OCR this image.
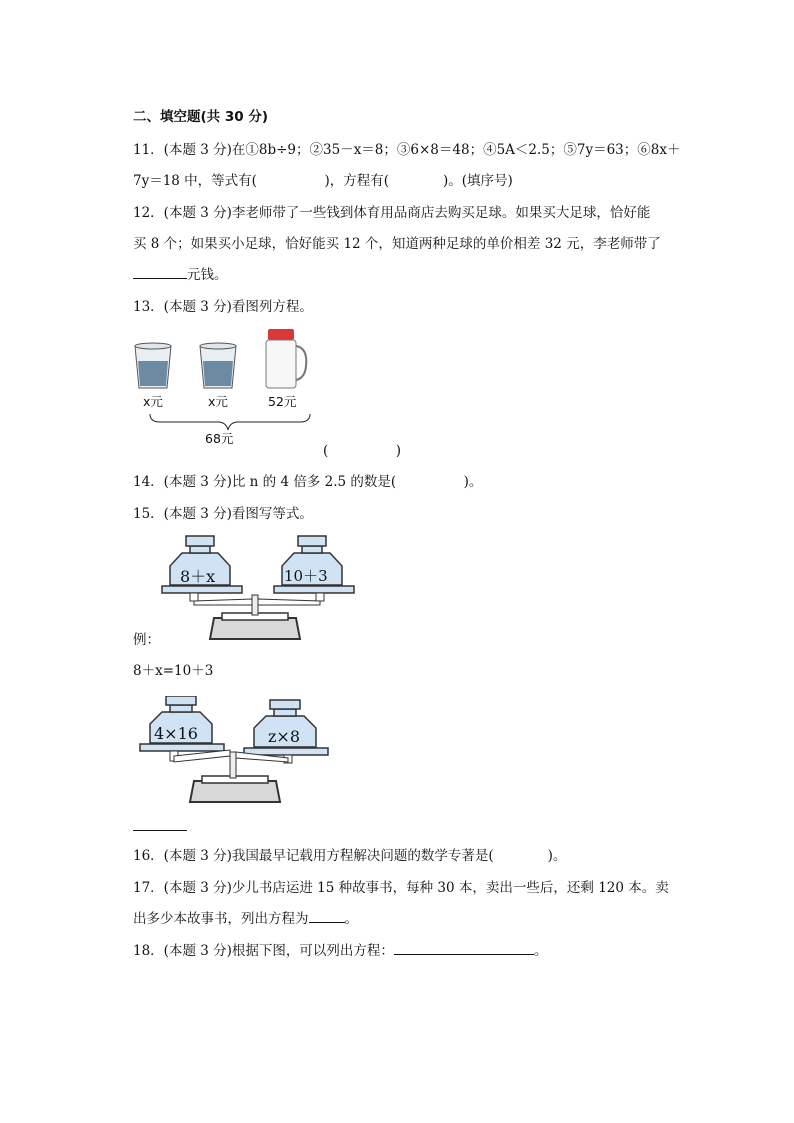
二、填空题(共 30 分)
11．(本题 3 分)在①8b÷9；②35－x＝8；③6×8＝48；④5A＜2.5；⑤7y＝63；⑥8x＋
7y＝18 中，等式有(　　　　　)，方程有(　　　　)。(填序号)
12．(本题 3 分)李老师带了一些钱到体育用品商店去购买足球。如果买大足球，恰好能
买 8 个；如果买小足球，恰好能买 12 个，知道两种足球的单价相差 32 元，李老师带了
元钱。
13．(本题 3 分)看图列方程。
x元	x元	52元
68元
(　　　　　)
14．(本题 3 分)比 n 的 4 倍多 2.5 的数是(　　　　　)。
15．(本题 3 分)看图写等式。
8＋x	10＋3
例：
8＋x=10＋3
4×16	z×8
16．(本题 3 分)我国最早记载用方程解决问题的数学专著是(　　　　)。
17．(本题 3 分)少儿书店运进 15 种故事书，每种 30 本，卖出一些后，还剩 120 本。卖
出多少本故事书，列出方程为	。
18．(本题 3 分)根据下图，可以列出方程：	。
